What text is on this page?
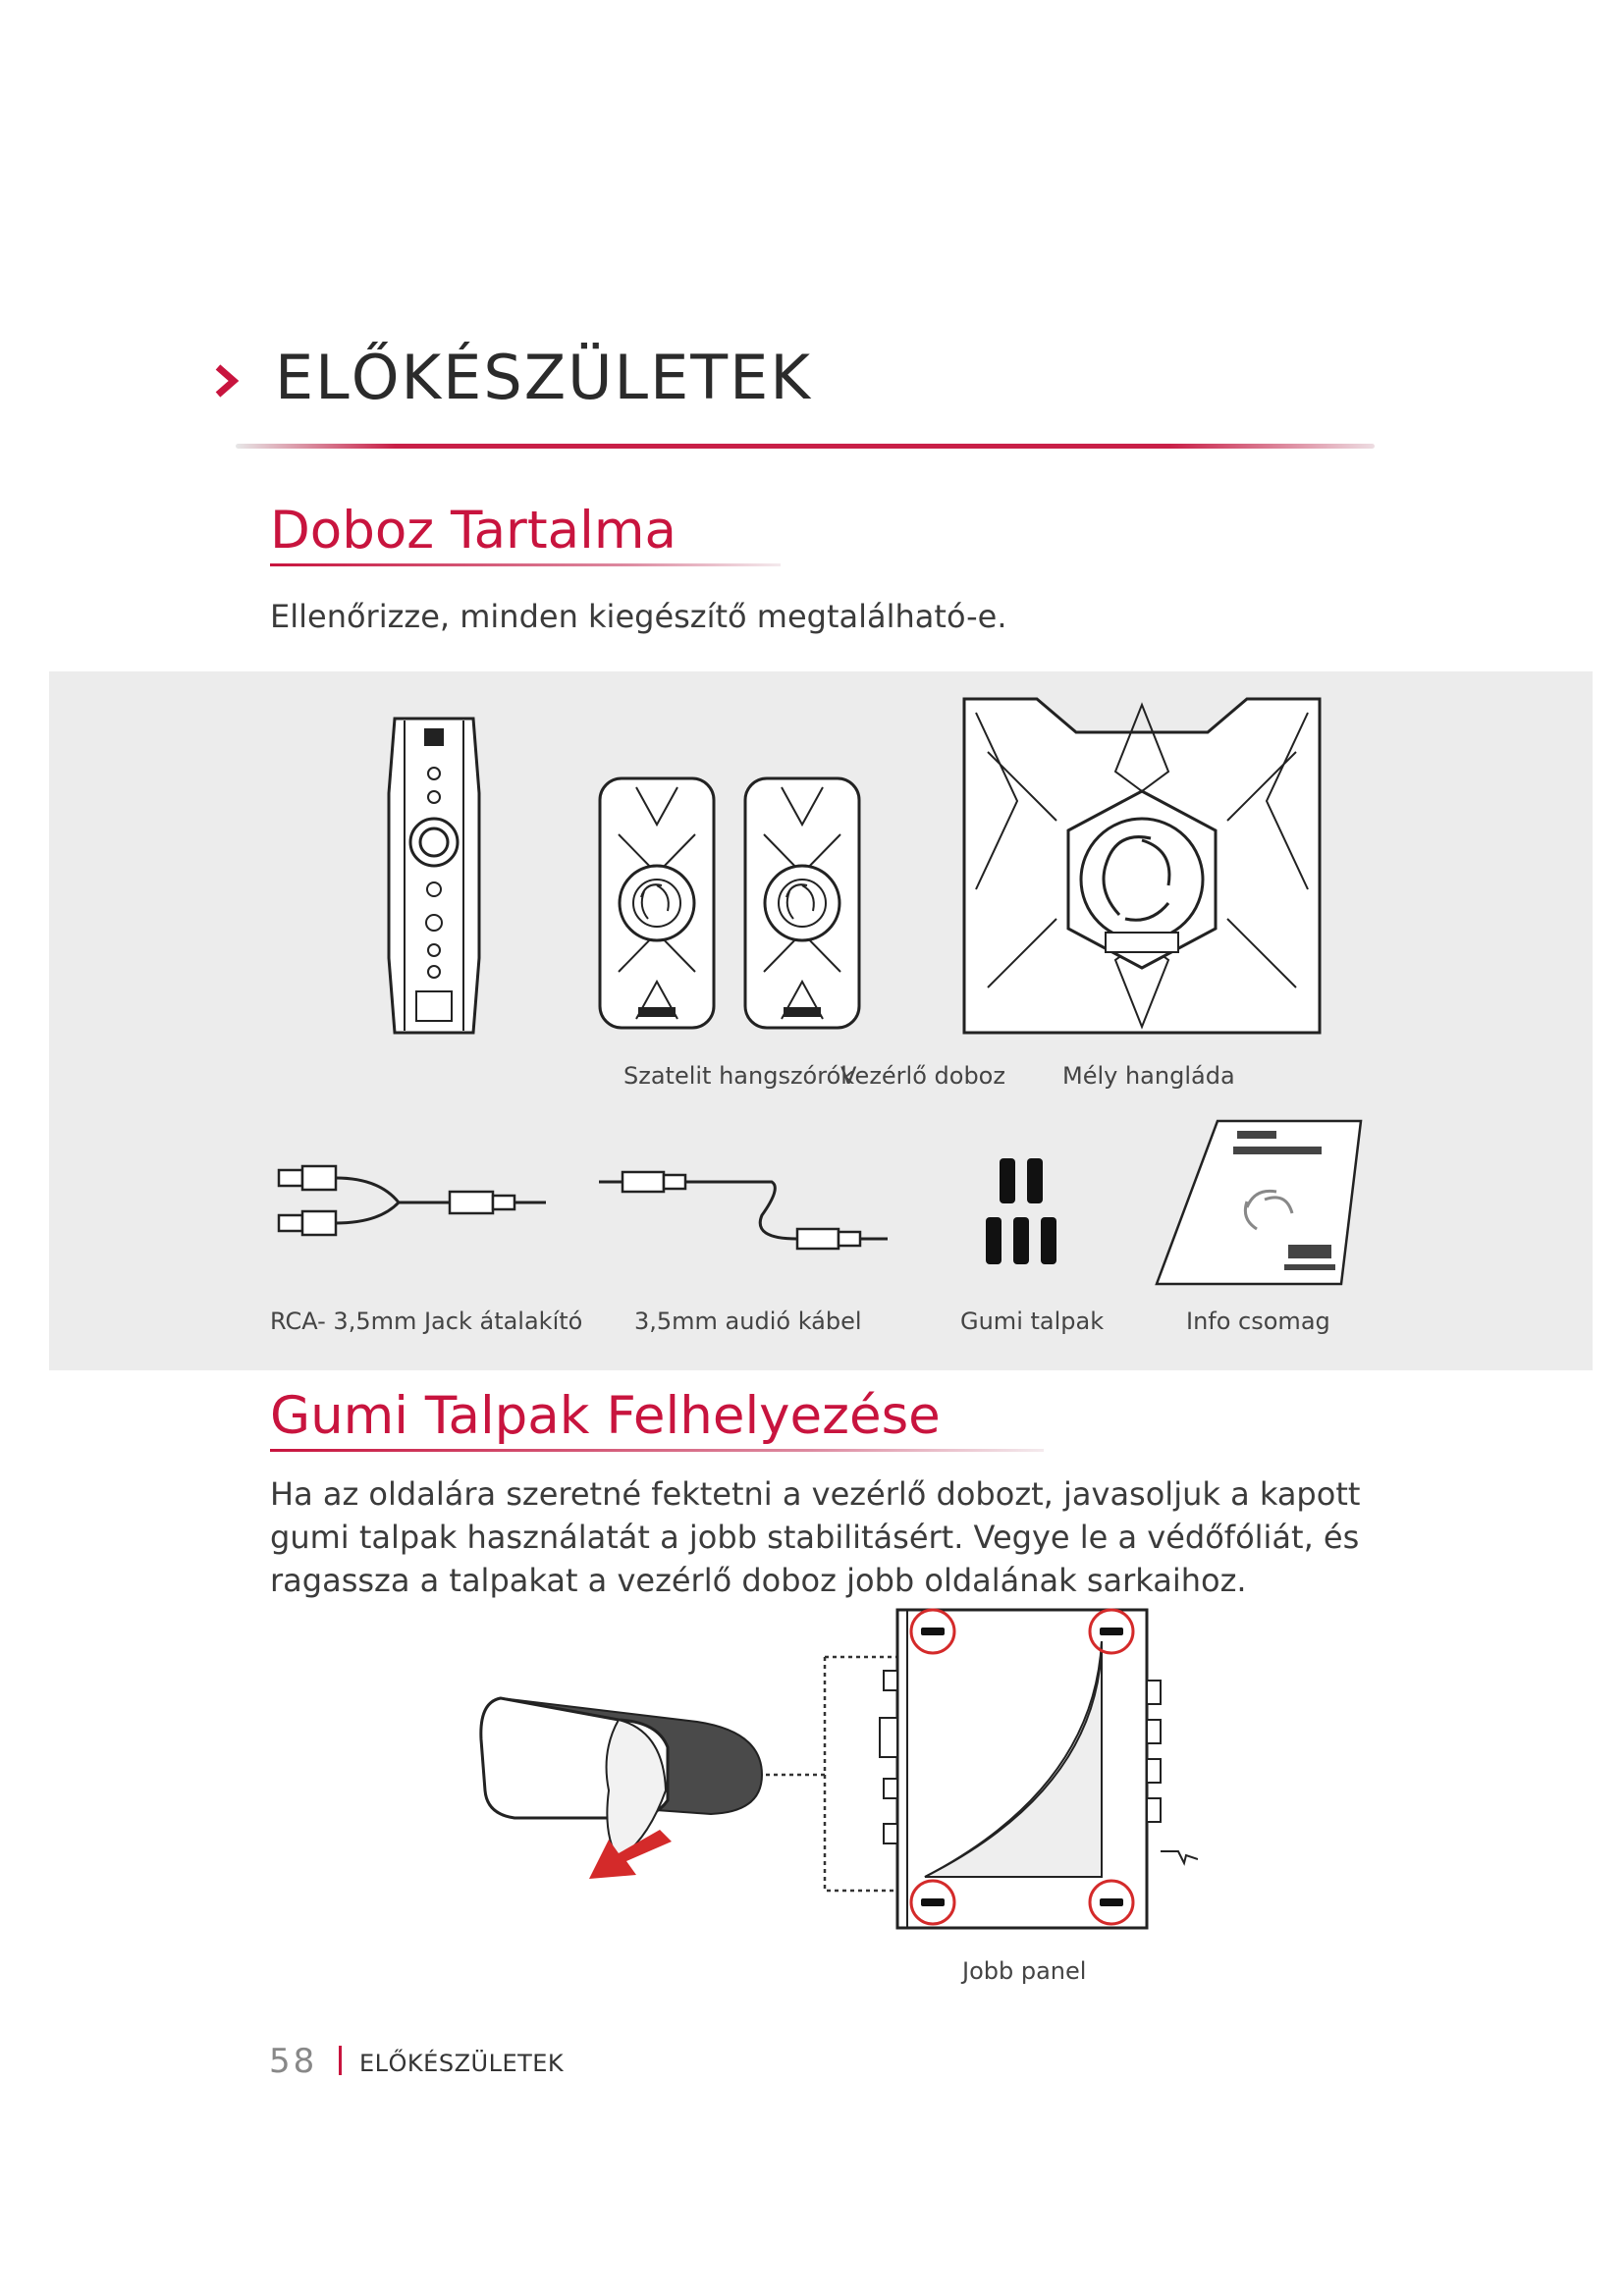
ELŐKÉSZÜLETEK
Doboz Tartalma
Ellenőrizze, minden kiegészítő megtalálható-e.
Szatelit hangszórók
Vezérlő doboz Mély hangláda
RCA- 3,5mm Jack átalakító 3,5mm audió kábel	Gumi talpak	Info csomag
Gumi Talpak Felhelyezése
Ha az oldalára szeretné fektetni a vezérlő dobozt, javasoljuk a kapott gumi talpak használatát a jobb stabilitásért. Vegye le a védőfóliát, és ragassza a talpakat a vezérlő doboz jobb oldalának sarkaihoz.
Jobb panel
58 ELŐKÉSZÜLETEK
